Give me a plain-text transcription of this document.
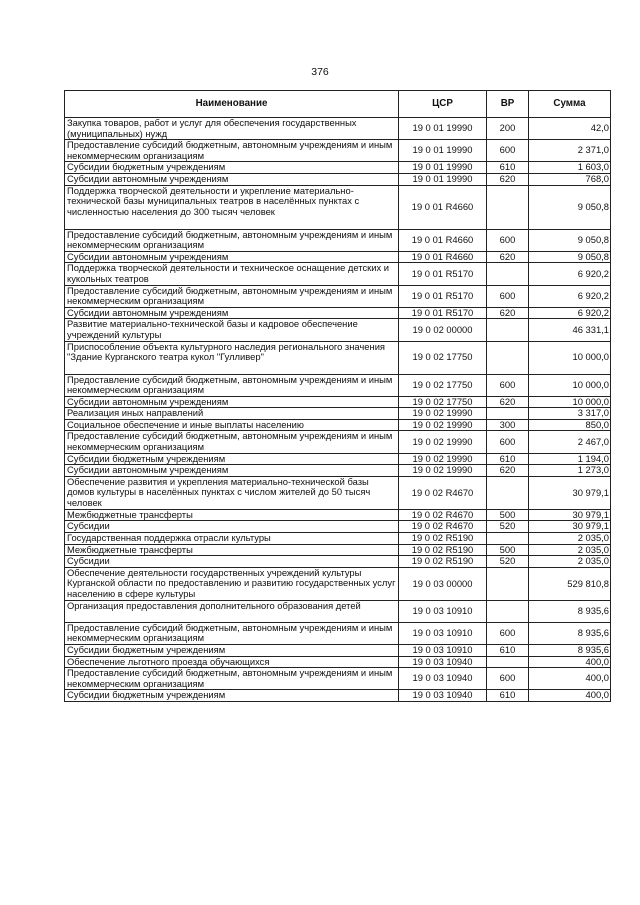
376
Наименование	ЦСР	ВР	Сумма
Закупка товаров, работ и услуг для обеспечения государственных (муниципальных) нужд	19 0 01 19990	200	42,0
Предоставление субсидий бюджетным, автономным учреждениям и иным некоммерческим организациям	19 0 01 19990	600	2 371,0
Субсидии бюджетным учреждениям	19 0 01 19990	610	1 603,0
Субсидии автономным учреждениям	19 0 01 19990	620	768,0
Поддержка творческой деятельности и укрепление материально-технической базы муниципальных театров в населённых пунктах с численностью населения до 300 тысяч человек	19 0 01 R4660		9 050,8
Предоставление субсидий бюджетным, автономным учреждениям и иным некоммерческим организациям	19 0 01 R4660	600	9 050,8
Субсидии автономным учреждениям	19 0 01 R4660	620	9 050,8
Поддержка творческой деятельности и техническое оснащение детских и кукольных театров	19 0 01 R5170		6 920,2
Предоставление субсидий бюджетным, автономным учреждениям и иным некоммерческим организациям	19 0 01 R5170	600	6 920,2
Субсидии автономным учреждениям	19 0 01 R5170	620	6 920,2
Развитие материально-технической базы и кадровое обеспечение учреждений культуры	19 0 02 00000		46 331,1
Приспособление объекта культурного наследия регионального значения "Здание Курганского театра кукол "Гулливер"	19 0 02 17750		10 000,0
Предоставление субсидий бюджетным, автономным учреждениям и иным некоммерческим организациям	19 0 02 17750	600	10 000,0
Субсидии автономным учреждениям	19 0 02 17750	620	10 000,0
Реализация иных направлений	19 0 02 19990		3 317,0
Социальное обеспечение и иные выплаты населению	19 0 02 19990	300	850,0
Предоставление субсидий бюджетным, автономным учреждениям и иным некоммерческим организациям	19 0 02 19990	600	2 467,0
Субсидии бюджетным учреждениям	19 0 02 19990	610	1 194,0
Субсидии автономным учреждениям	19 0 02 19990	620	1 273,0
Обеспечение развития и укрепления материально-технической базы домов культуры в населённых пунктах с числом жителей до 50 тысяч человек	19 0 02 R4670		30 979,1
Межбюджетные трансферты	19 0 02 R4670	500	30 979,1
Субсидии	19 0 02 R4670	520	30 979,1
Государственная поддержка отрасли культуры	19 0 02 R5190		2 035,0
Межбюджетные трансферты	19 0 02 R5190	500	2 035,0
Субсидии	19 0 02 R5190	520	2 035,0
Обеспечение деятельности государственных учреждений культуры Курганской области по предоставлению и развитию государственных услуг населению в сфере культуры	19 0 03 00000		529 810,8
Организация предоставления дополнительного образования детей	19 0 03 10910		8 935,6
Предоставление субсидий бюджетным, автономным учреждениям и иным некоммерческим организациям	19 0 03 10910	600	8 935,6
Субсидии бюджетным учреждениям	19 0 03 10910	610	8 935,6
Обеспечение льготного проезда обучающихся	19 0 03 10940		400,0
Предоставление субсидий бюджетным, автономным учреждениям и иным некоммерческим организациям	19 0 03 10940	600	400,0
Субсидии бюджетным учреждениям	19 0 03 10940	610	400,0
